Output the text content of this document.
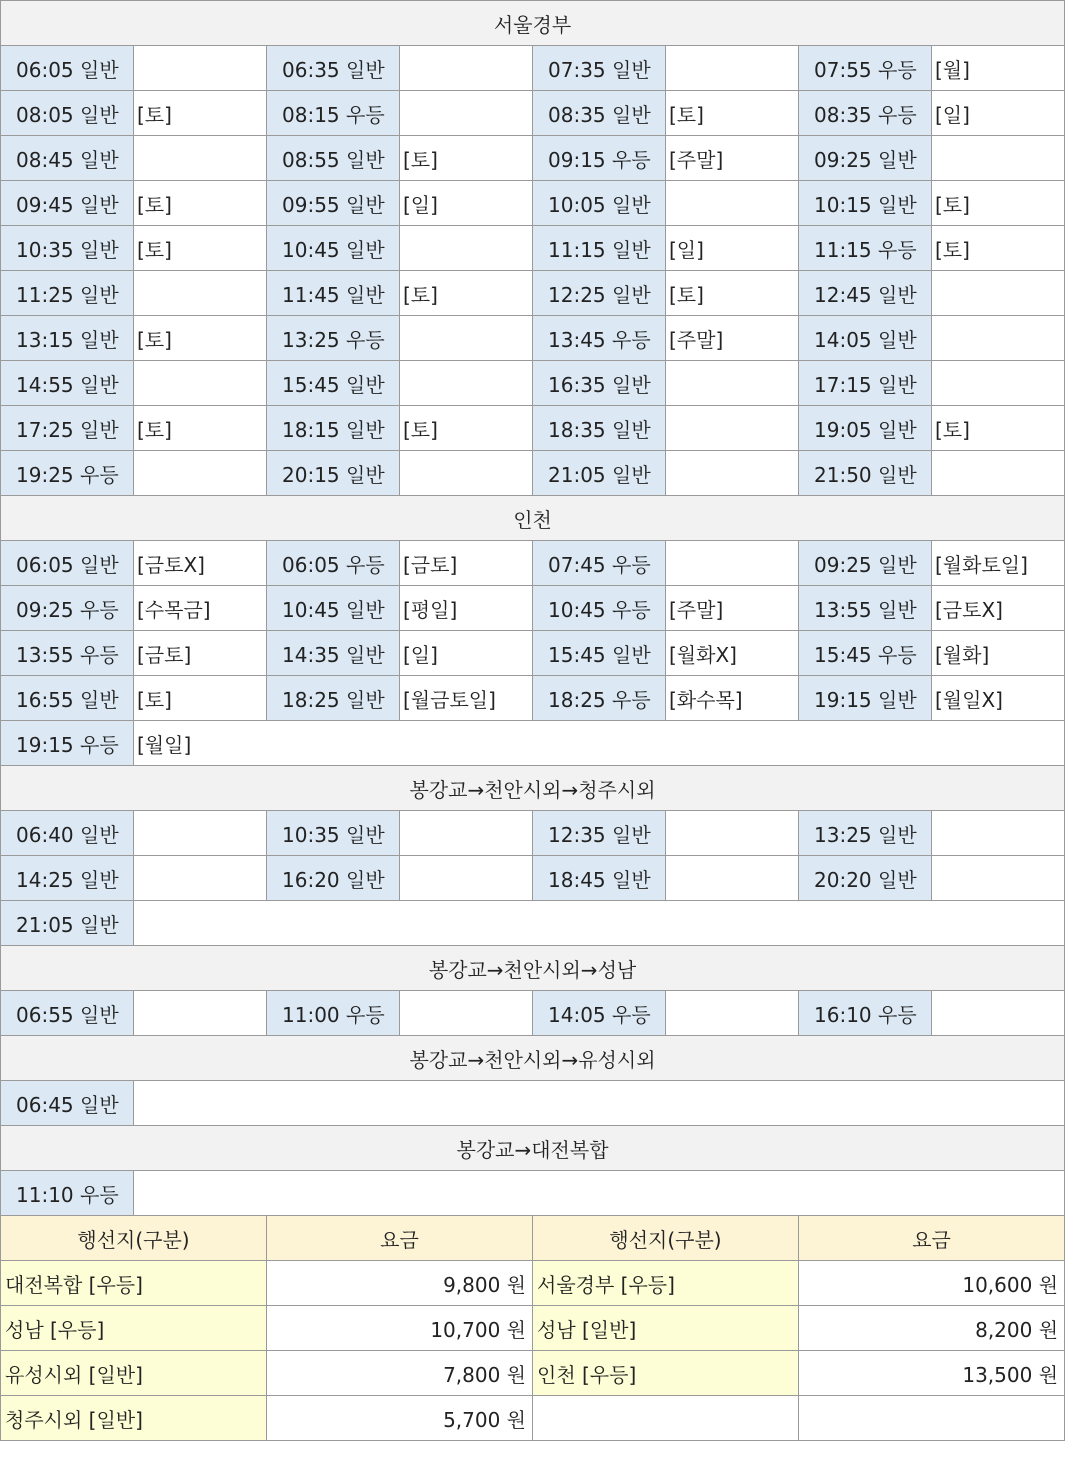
서울경부							
06:05 일반		06:35 일반		07:35 일반		07:55 우등	[월]
08:05 일반	[토]	08:15 우등		08:35 일반	[토]	08:35 우등	[일]
08:45 일반		08:55 일반	[토]	09:15 우등	[주말]	09:25 일반	
09:45 일반	[토]	09:55 일반	[일]	10:05 일반		10:15 일반	[토]
10:35 일반	[토]	10:45 일반		11:15 일반	[일]	11:15 우등	[토]
11:25 일반		11:45 일반	[토]	12:25 일반	[토]	12:45 일반	
13:15 일반	[토]	13:25 우등		13:45 우등	[주말]	14:05 일반	
14:55 일반		15:45 일반		16:35 일반		17:15 일반	
17:25 일반	[토]	18:15 일반	[토]	18:35 일반		19:05 일반	[토]
19:25 우등		20:15 일반		21:05 일반		21:50 일반	
인천							
06:05 일반	[금토X]	06:05 우등	[금토]	07:45 우등		09:25 일반	[월화토일]
09:25 우등	[수목금]	10:45 일반	[평일]	10:45 우등	[주말]	13:55 일반	[금토X]
13:55 우등	[금토]	14:35 일반	[일]	15:45 일반	[월화X]	15:45 우등	[월화]
16:55 일반	[토]	18:25 일반	[월금토일]	18:25 우등	[화수목]	19:15 일반	[월일X]
19:15 우등	[월일]						
봉강교→천안시외→청주시외							
06:40 일반		10:35 일반		12:35 일반		13:25 일반	
14:25 일반		16:20 일반		18:45 일반		20:20 일반	
21:05 일반							
봉강교→천안시외→성남							
06:55 일반		11:00 우등		14:05 우등		16:10 우등	
봉강교→천안시외→유성시외							
06:45 일반							
봉강교→대전복합							
11:10 우등							
행선지(구분)		요금		행선지(구분)		요금	
대전복합 [우등]		9,800 원		서울경부 [우등]		10,600 원	
성남 [우등]		10,700 원		성남 [일반]		8,200 원	
유성시외 [일반]		7,800 원		인천 [우등]		13,500 원	
청주시외 [일반]		5,700 원					
